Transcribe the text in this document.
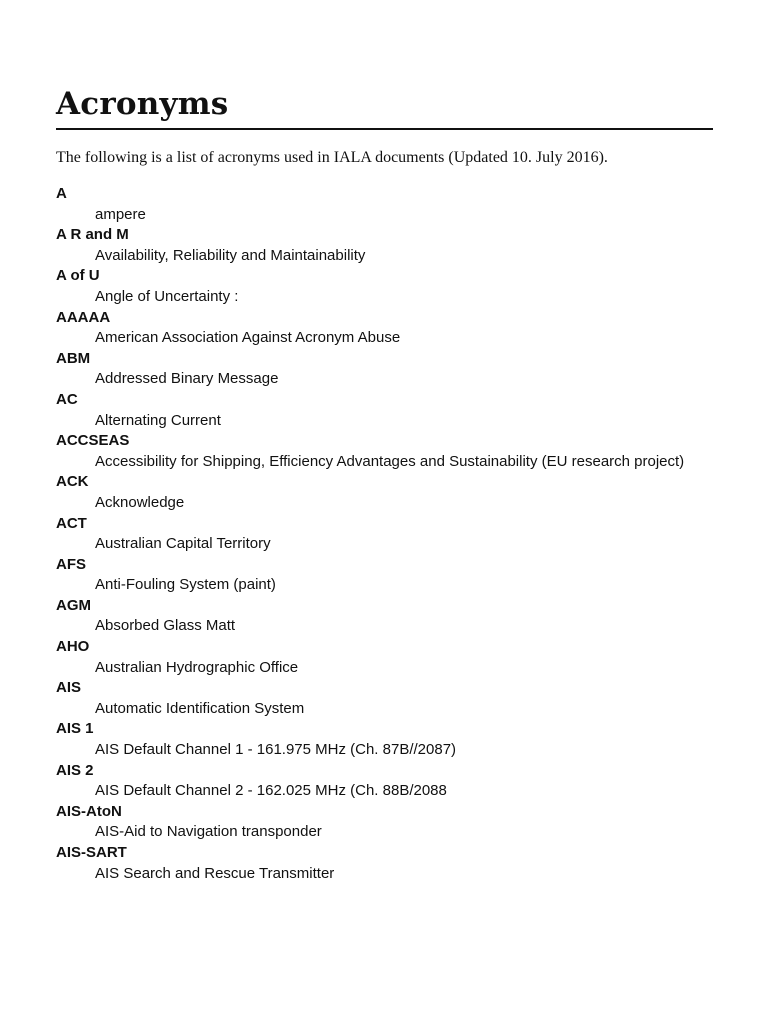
Acronyms

The following is a list of acronyms used in IALA documents (Updated 10. July 2016).

A
ampere
A R and M
Availability, Reliability and Maintainability
A of U
Angle of Uncertainty :
AAAAA
American Association Against Acronym Abuse
ABM
Addressed Binary Message
AC
Alternating Current
ACCSEAS
Accessibility for Shipping, Efficiency Advantages and Sustainability (EU research project)
ACK
Acknowledge
ACT
Australian Capital Territory
AFS
Anti-Fouling System (paint)
AGM
Absorbed Glass Matt
AHO
Australian Hydrographic Office
AIS
Automatic Identification System
AIS 1
AIS Default Channel 1 - 161.975 MHz (Ch. 87B//2087)
AIS 2
AIS Default Channel 2 - 162.025 MHz (Ch. 88B/2088
AIS-AtoN
AIS-Aid to Navigation transponder
AIS-SART
AIS Search and Rescue Transmitter
